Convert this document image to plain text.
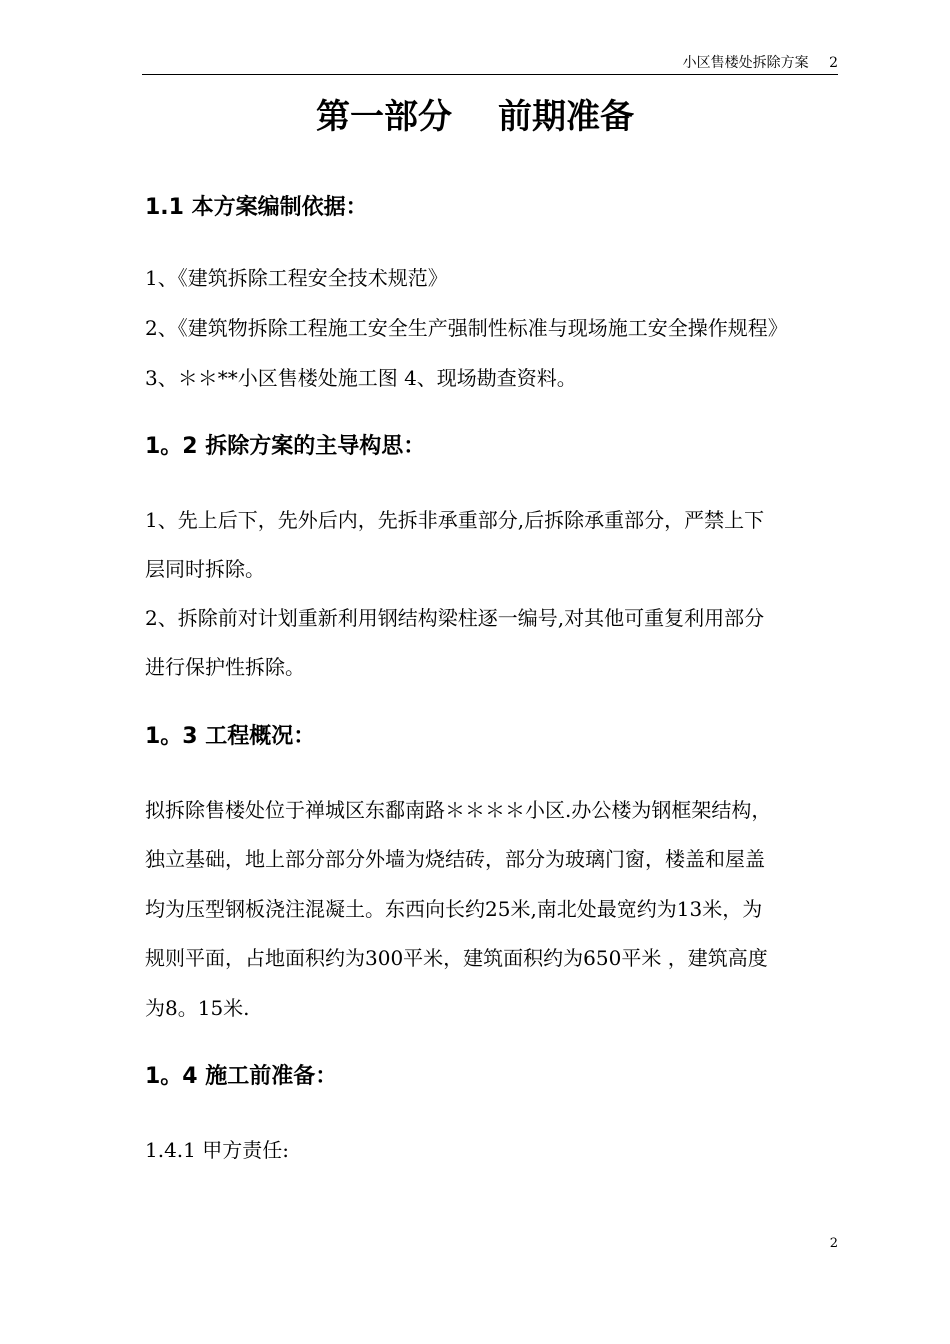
小区售楼处拆除方案 2
第一部分 前期准备
1.1 本方案编制依据：
1、《建筑拆除工程安全技术规范》
2、《建筑物拆除工程施工安全生产强制性标准与现场施工安全操作规程》
3、＊＊**小区售楼处施工图 4、现场勘查资料。
1。2 拆除方案的主导构思：
1、先上后下，先外后内，先拆非承重部分,后拆除承重部分，严禁上下
层同时拆除。
2、拆除前对计划重新利用钢结构梁柱逐一编号,对其他可重复利用部分
进行保护性拆除。
1。3 工程概况：
拟拆除售楼处位于禅城区东鄱南路＊＊＊＊小区.办公楼为钢框架结构，
独立基础，地上部分部分外墙为烧结砖，部分为玻璃门窗，楼盖和屋盖
均为压型钢板浇注混凝土。东西向长约25米,南北处最宽约为13米，为
规则平面，占地面积约为300平米，建筑面积约为650平米 ，建筑高度
为8。15米.
1。4 施工前准备：
1.4.1 甲方责任:
2
